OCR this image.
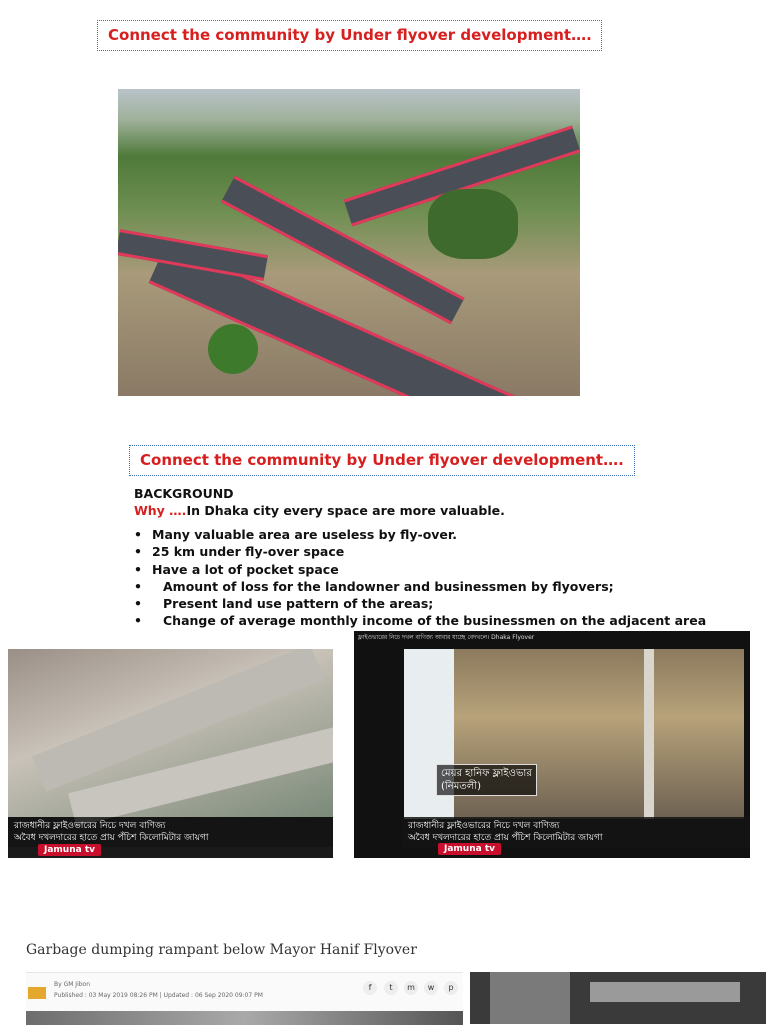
Connect the community by Under flyover development….
Connect the community by Under flyover development….
BACKGROUND
Why ….In Dhaka city every space are more valuable.
• Many valuable area are useless by fly-over.
• 25 km under fly-over space
• Have a lot of pocket space
• Amount of loss for the landowner and businessmen by flyovers;
• Present land use pattern of the areas;
• Change of average monthly income of the businessmen on the adjacent area
রাজধানীর ফ্লাইওভারের নিচে দখল বাণিজ্য
অবৈধ দখলদারের হাতে প্রায় পঁচিশ কিলোমিটার জায়গা
Jamuna tv
ফ্লাইওভারের নিচে দখল বাণিজ্য আবার যাচ্ছে বেদখলে। Dhaka Flyover
মেয়র হানিফ ফ্লাইওভার
(নিমতলী)
রাজধানীর ফ্লাইওভারের নিচে দখল বাণিজ্য
অবৈধ দখলদারের হাতে প্রায় পঁচিশ কিলোমিটার জায়গা
Jamuna tv
Garbage dumping rampant below Mayor Hanif Flyover
By GM Jibon
Published : 03 May 2019 08:26 PM | Updated : 06 Sep 2020 09:07 PM
f	t	m	w	p
